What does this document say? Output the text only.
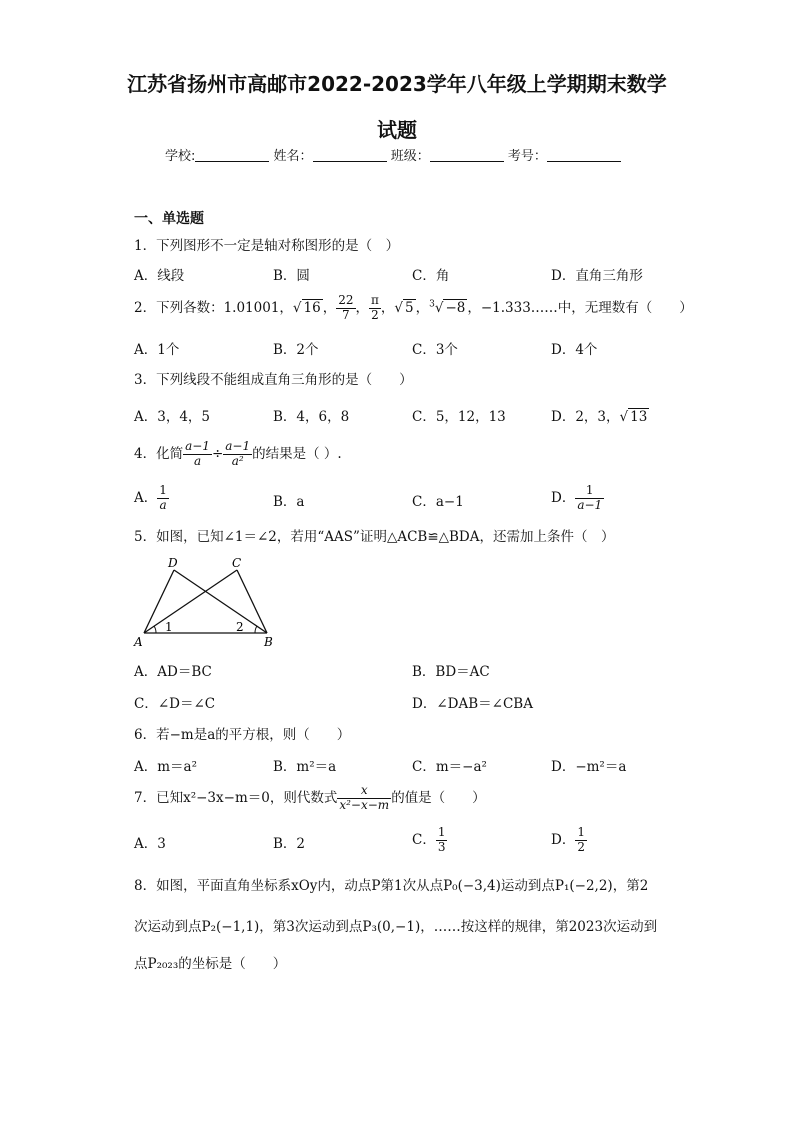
江苏省扬州市高邮市2022-2023学年八年级上学期期末数学
试题
学校:	姓名：	班级：	考号：
一、单选题
1．下列图形不一定是轴对称图形的是（　）
A．线段	B．圆	C．角	D．直角三角形
2．下列各数：1.01001，√ 16 ， $\frac{22}{7}$ ， $\frac{\pi}{2}$ ，√ 5 ，$^3$√ −8 ，−1.333……中，无理数有（　　）
A．1个	B．2个	C．3个	D．4个
3．下列线段不能组成直角三角形的是（　　）
A．3，4，5	B．4，6，8	C．5，12，13	D．2，3，√ 13
4．化简 $\frac{a-1}{a} \div \frac{a-1}{\text{a²}}$ 的结果是（ ）.
A． $\frac{1}{a}$	B．a	C．a−1	D． $\frac{1}{a-1}$
5．如图，已知∠1＝∠2，若用“AAS”证明△ACB≌△BDA，还需加上条件（　）
A	B
C
D
1	2
A．AD＝BC	B．BD＝AC
C．∠D＝∠C	D．∠DAB＝∠CBA
6．若−m是a的平方根，则（　　）
A．m＝a²	B．m²＝a	C．m＝−a²	D．−m²＝a
7．已知x²−3x−m＝0，则代数式 $\frac{x}{\text{x²−x−m}}$ 的值是（　　）
A．3	B．2	C． $\frac{1}{3}$	D． $\frac{1}{2}$
8．如图，平面直角坐标系xOy内，动点P第1次从点P₀(−3,4)运动到点P₁(−2,2)，第2
次运动到点P₂(−1,1)，第3次运动到点P₃(0,−1)，……按这样的规律，第2023次运动到
点P₂₀₂₃的坐标是（　　）
